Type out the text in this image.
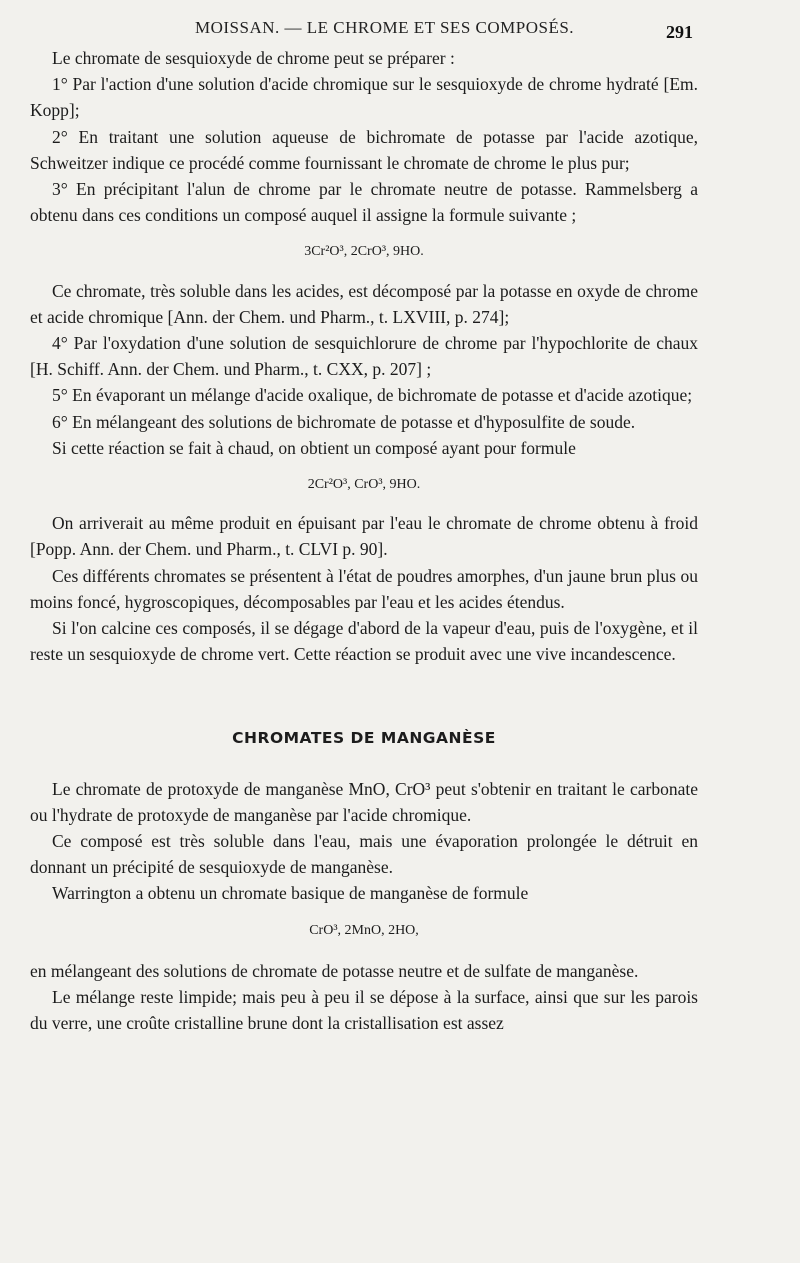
MOISSAN. — LE CHROME ET SES COMPOSÉS.	291

Le chromate de sesquioxyde de chrome peut se préparer :

1° Par l'action d'une solution d'acide chromique sur le sesquioxyde de chrome hydraté [Em. Kopp];

2° En traitant une solution aqueuse de bichromate de potasse par l'acide azotique, Schweitzer indique ce procédé comme fournissant le chromate de chrome le plus pur;

3° En précipitant l'alun de chrome par le chromate neutre de potasse. Rammelsberg a obtenu dans ces conditions un composé auquel il assigne la formule suivante ;

3Cr²O³, 2CrO³, 9HO.

Ce chromate, très soluble dans les acides, est décomposé par la potasse en oxyde de chrome et acide chromique [Ann. der Chem. und Pharm., t. LXVIII, p. 274];

4° Par l'oxydation d'une solution de sesquichlorure de chrome par l'hypochlorite de chaux [H. Schiff. Ann. der Chem. und Pharm., t. CXX, p. 207] ;

5° En évaporant un mélange d'acide oxalique, de bichromate de potasse et d'acide azotique;

6° En mélangeant des solutions de bichromate de potasse et d'hyposulfite de soude.

Si cette réaction se fait à chaud, on obtient un composé ayant pour formule

2Cr²O³, CrO³, 9HO.

On arriverait au même produit en épuisant par l'eau le chromate de chrome obtenu à froid [Popp. Ann. der Chem. und Pharm., t. CLVI p. 90].

Ces différents chromates se présentent à l'état de poudres amorphes, d'un jaune brun plus ou moins foncé, hygroscopiques, décomposables par l'eau et les acides étendus.

Si l'on calcine ces composés, il se dégage d'abord de la vapeur d'eau, puis de l'oxygène, et il reste un sesquioxyde de chrome vert. Cette réaction se produit avec une vive incandescence.

CHROMATES DE MANGANÈSE

Le chromate de protoxyde de manganèse MnO, CrO³ peut s'obtenir en traitant le carbonate ou l'hydrate de protoxyde de manganèse par l'acide chromique.

Ce composé est très soluble dans l'eau, mais une évaporation prolongée le détruit en donnant un précipité de sesquioxyde de manganèse.

Warrington a obtenu un chromate basique de manganèse de formule

CrO³, 2MnO, 2HO,

en mélangeant des solutions de chromate de potasse neutre et de sulfate de manganèse.

Le mélange reste limpide; mais peu à peu il se dépose à la surface, ainsi que sur les parois du verre, une croûte cristalline brune dont la cristallisation est assez
